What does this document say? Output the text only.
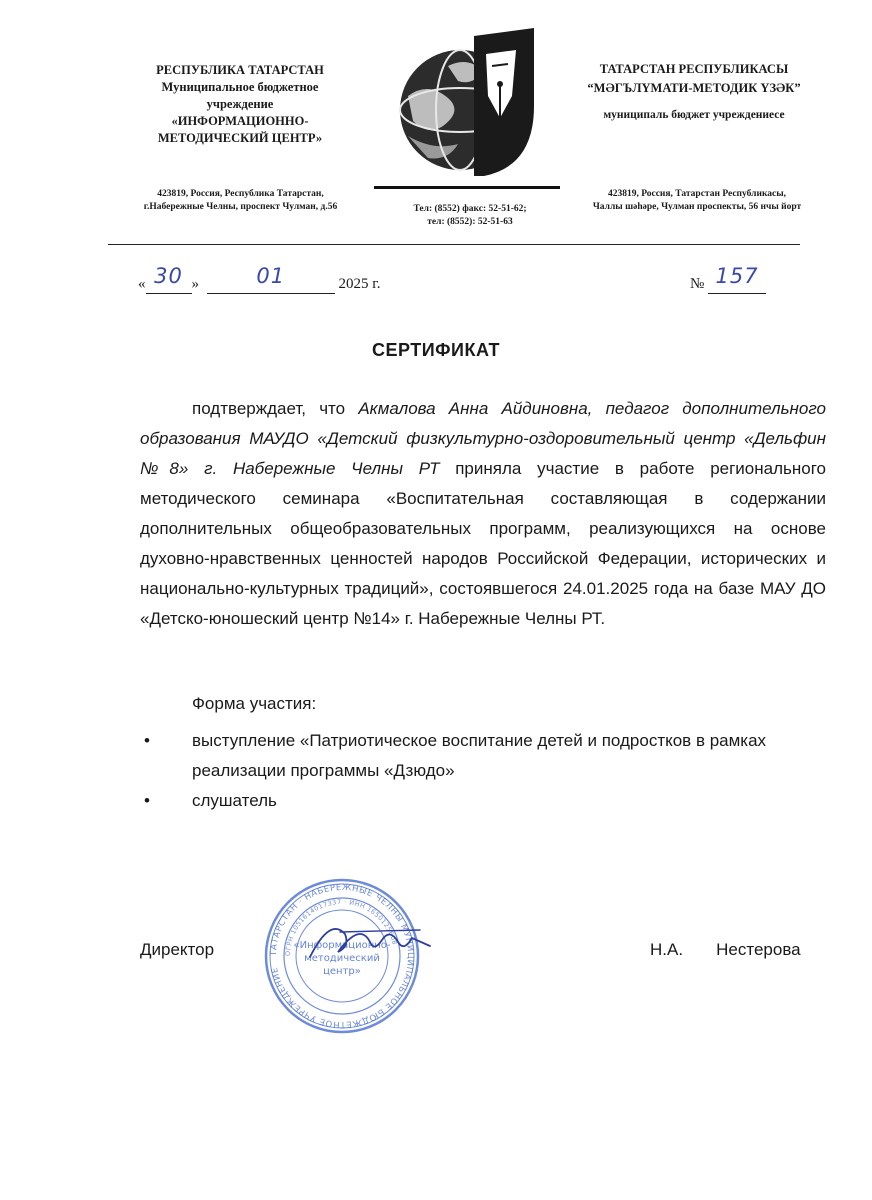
РЕСПУБЛИКА ТАТАРСТАН
Муниципальное бюджетное
учреждение
«ИНФОРМАЦИОННО-
МЕТОДИЧЕСКИЙ ЦЕНТР»
423819, Россия, Республика Татарстан,
г.Набережные Челны, проспект Чулман, д.56	Тел: (8552) факс: 52-51-62;
тел: (8552): 52-51-63
ТАТАРСТАН РЕСПУБЛИКАСЫ
“МӘГЪЛҮМАТИ-МЕТОДИК ҮЗӘК”
муниципаль бюджет учреждениесе
423819, Россия, Татарстан Республикасы,
Чаллы шәһәре, Чулман проспекты, 56 нчы йорт
« 30 »	01	2025 г.	№ 157

СЕРТИФИКАТ
подтверждает, что Акмалова Анна Айдиновна, педагог дополнительного образования МАУДО «Детский физкультурно-оздоровительный центр «Дельфин №8» г. Набережные Челны РТ приняла участие в работе регионального методического семинара «Воспитательная составляющая в содержании дополнительных общеобразовательных программ, реализующихся на основе духовно-нравственных ценностей народов Российской Федерации, исторических и национально-культурных традиций», состоявшегося 24.01.2025 года на базе МАУ ДО «Детско-юношеский центр №14» г. Набережные Челны РТ.
Форма участия:
• выступление «Патриотическое воспитание детей и подростков в рамках реализации программы «Дзюдо»
• слушатель
ТАТАРСТАН · НАБЕРЕЖНЫЕ ЧЕЛНЫ МУНИЦИПАЛЬНОЕ БЮДЖЕТНОЕ УЧРЕЖДЕНИЕ
ОГРН 1051614017337 · ИНН 1650125608
«Информационно-
методический
центр»
Директор	Н.А.       Нестерова
